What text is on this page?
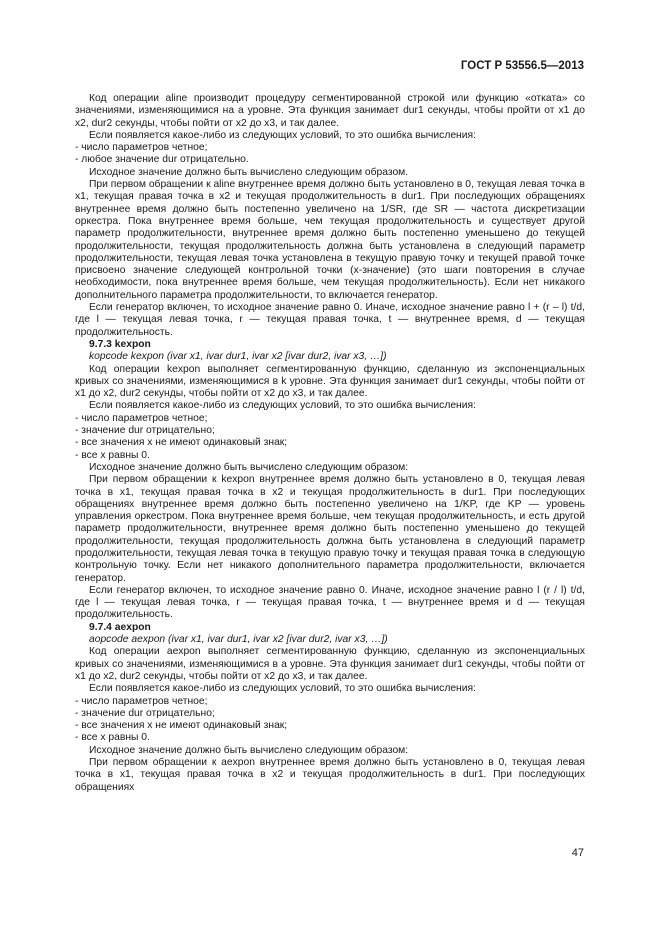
ГОСТ Р 53556.5—2013

Код операции aline производит процедуру сегментированной строкой или функцию «отката» со значениями, изменяющимися на a уровне. Эта функция занимает dur1 секунды, чтобы пройти от x1 до x2, dur2 секунды, чтобы пойти от x2 до x3, и так далее.

Если появляется какое-либо из следующих условий, то это ошибка вычисления:

- число параметров четное;

- любое значение dur отрицательно.

Исходное значение должно быть вычислено следующим образом.

При первом обращении к aline внутреннее время должно быть установлено в 0, текущая левая точка в x1, текущая правая точка в x2 и текущая продолжительность в dur1. При последующих обращениях внутреннее время должно быть постепенно увеличено на 1/SR, где SR — частота дискретизации оркестра. Пока внутреннее время больше, чем текущая продолжительность и существует другой параметр продолжительности, внутреннее время должно быть постепенно уменьшено до текущей продолжительности, текущая продолжительность должна быть установлена в следующий параметр продолжительности, текущая левая точка установлена в текущую правую точку и текущей правой точке присвоено значение следующей контрольной точки (x-значение) (это шаги повторения в случае необходимости, пока внутреннее время больше, чем текущая продолжительность). Если нет никакого дополнительного параметра продолжительности, то включается генератор.

Если генератор включен, то исходное значение равно 0. Иначе, исходное значение равно l + (r – l) t/d, где l — текущая левая точка, r — текущая правая точка, t — внутреннее время, d — текущая продолжительность.

9.7.3 kexpon

kopcode kexpon (ivar x1, ivar dur1, ivar x2 [ivar dur2, ivar x3, …])

Код операции kexpon выполняет сегментированную функцию, сделанную из экспоненциальных кривых со значениями, изменяющимися в k уровне. Эта функция занимает dur1 секунды, чтобы пойти от x1 до x2, dur2 секунды, чтобы пойти от x2 до x3, и так далее.

Если появляется какое-либо из следующих условий, то это ошибка вычисления:

- число параметров четное;

- значение dur отрицательно;

- все значения x не имеют одинаковый знак;

- все x равны 0.

Исходное значение должно быть вычислено следующим образом:

При первом обращении к kexpon внутреннее время должно быть установлено в 0, текущая левая точка в x1, текущая правая точка в x2 и текущая продолжительность в dur1. При последующих обращениях внутреннее время должно быть постепенно увеличено на 1/KP, где KP — уровень управления оркестром. Пока внутреннее время больше, чем текущая продолжительность, и есть другой параметр продолжительности, внутреннее время должно быть постепенно уменьшено до текущей продолжительности, текущая продолжительность должна быть установлена в следующий параметр продолжительности, текущая левая точка в текущую правую точку и текущая правая точка в следующую контрольную точку. Если нет никакого дополнительного параметра продолжительности, включается генератор.

Если генератор включен, то исходное значение равно 0. Иначе, исходное значение равно l (r / l) t/d, где l — текущая левая точка, r — текущая правая точка, t — внутреннее время и d — текущая продолжительность.

9.7.4 aexpon

aopcode aexpon (ivar x1, ivar dur1, ivar x2 [ivar dur2, ivar x3, …])

Код операции aexpon выполняет сегментированную функцию, сделанную из экспоненциальных кривых со значениями, изменяющимися в a уровне. Эта функция занимает dur1 секунды, чтобы пойти от x1 до x2, dur2 секунды, чтобы пойти от x2 до x3, и так далее.

Если появляется какое-либо из следующих условий, то это ошибка вычисления:

- число параметров четное;

- значение dur отрицательно;

- все значения x не имеют одинаковый знак;

- все x равны 0.

Исходное значение должно быть вычислено следующим образом:

При первом обращении к aexpon внутреннее время должно быть установлено в 0, текущая левая точка в x1, текущая правая точка в x2 и текущая продолжительность в dur1. При последующих обращениях

47
